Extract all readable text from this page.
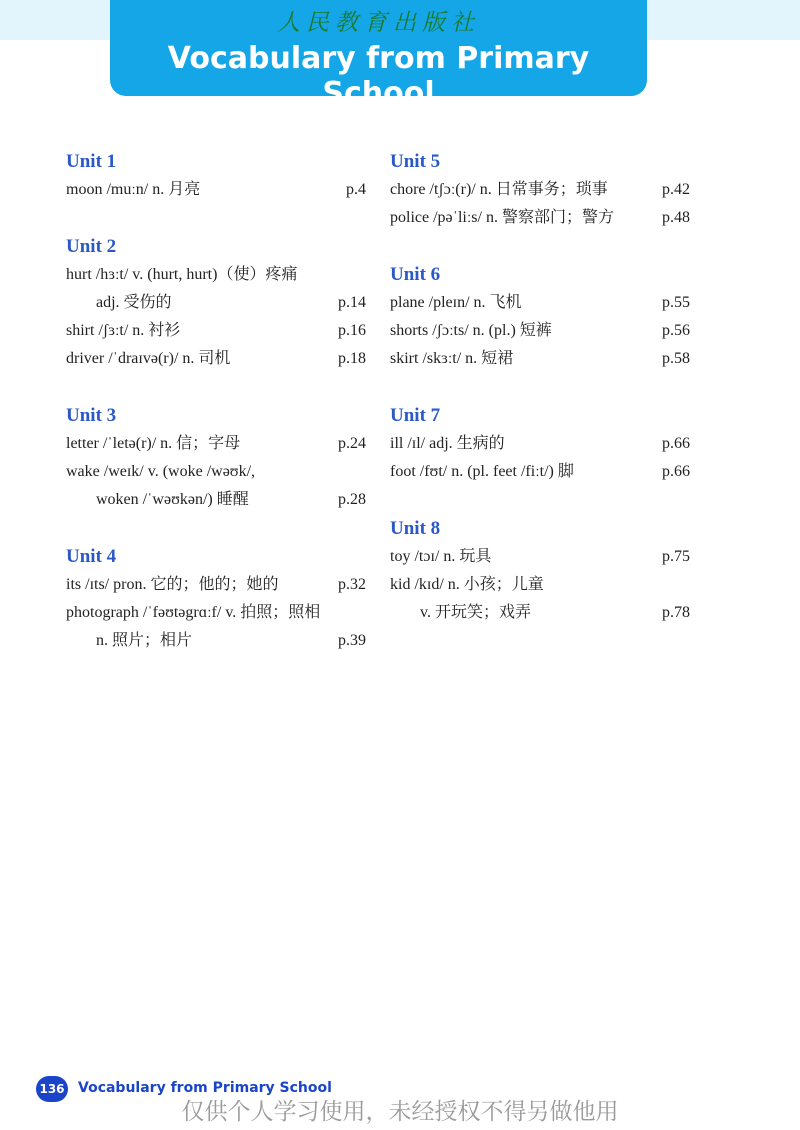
人民教育出版社
Vocabulary from Primary School
Unit 1
moon /muːn/ n. 月亮	p.4
Unit 2
hurt /hɜːt/ v. (hurt, hurt)（使）疼痛
adj. 受伤的	p.14
shirt /ʃɜːt/ n. 衬衫	p.16
driver /ˈdraɪvə(r)/ n. 司机	p.18
Unit 3
letter /ˈletə(r)/ n. 信；字母	p.24
wake /weɪk/ v. (woke /wəʊk/,
woken /ˈwəʊkən/) 睡醒	p.28
Unit 4
its /ɪts/ pron. 它的；他的；她的	p.32
photograph /ˈfəʊtəgrɑːf/ v. 拍照；照相
n. 照片；相片	p.39
Unit 5
chore /tʃɔː(r)/ n. 日常事务；琐事	p.42
police /pəˈliːs/ n. 警察部门；警方	p.48
Unit 6
plane /pleɪn/ n. 飞机	p.55
shorts /ʃɔːts/ n. (pl.) 短裤	p.56
skirt /skɜːt/ n. 短裙	p.58
Unit 7
ill /ɪl/ adj. 生病的	p.66
foot /fʊt/ n. (pl. feet /fiːt/) 脚	p.66
Unit 8
toy /tɔɪ/ n. 玩具	p.75
kid /kɪd/ n. 小孩；儿童
v. 开玩笑；戏弄	p.78
136 Vocabulary from Primary School
仅供个人学习使用，未经授权不得另做他用
